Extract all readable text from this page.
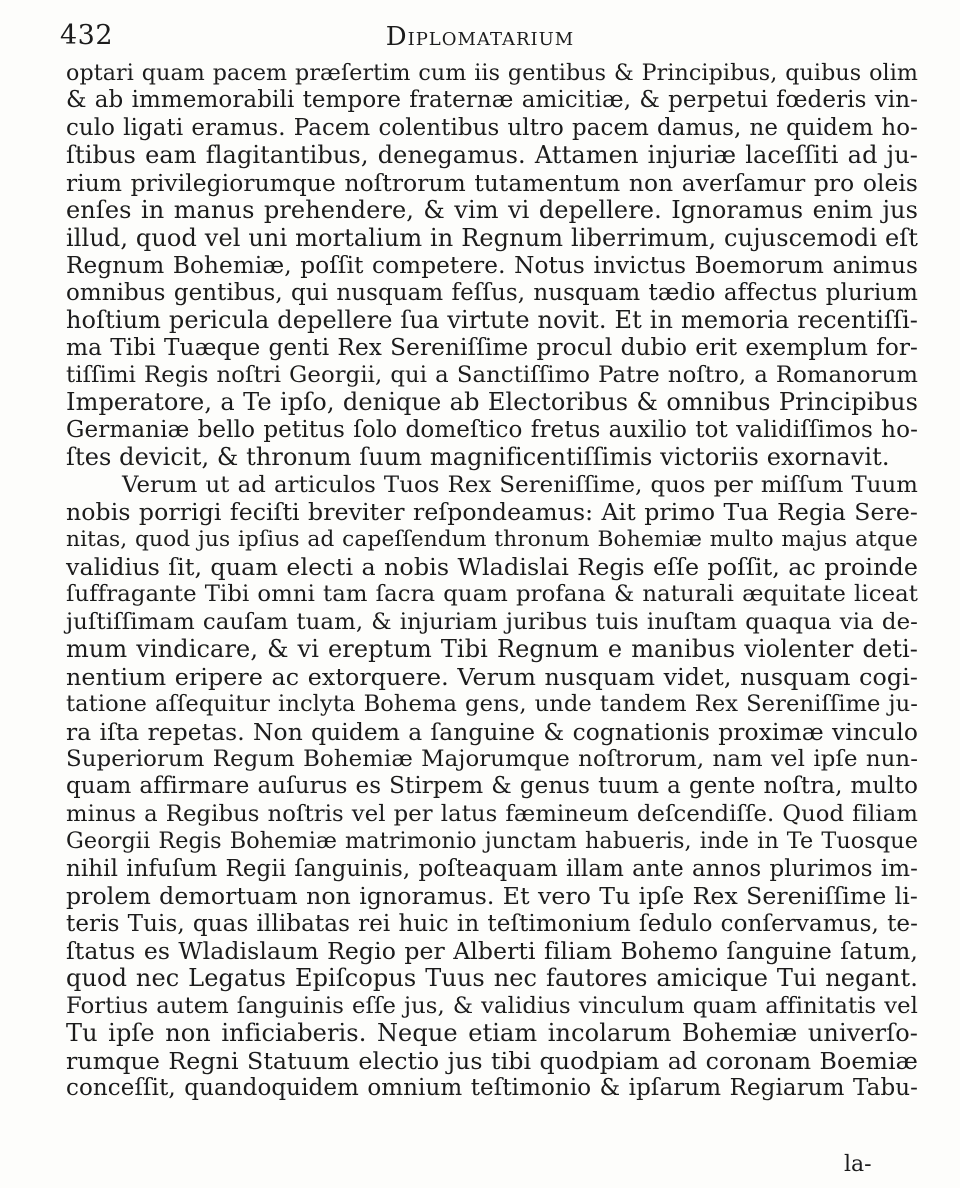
432	Diplomatarium
optari quam pacem præſertim cum iis gentibus & Principibus, quibus olim
& ab immemorabili tempore fraternæ amicitiæ, & perpetui fœderis vin-
culo ligati eramus. Pacem colentibus ultro pacem damus, ne quidem ho-
ſtibus eam flagitantibus, denegamus. Attamen injuriæ laceſſiti ad ju-
rium privilegiorumque noſtrorum tutamentum non averſamur pro oleis
enſes in manus prehendere, & vim vi depellere. Ignoramus enim jus
illud, quod vel uni mortalium in Regnum liberrimum, cujuscemodi eſt
Regnum Bohemiæ, poſſit competere. Notus invictus Boemorum animus
omnibus gentibus, qui nusquam feſſus, nusquam tædio affectus plurium
hoſtium pericula depellere ſua virtute novit. Et in memoria recentiſſi-
ma Tibi Tuæque genti Rex Sereniſſime procul dubio erit exemplum for-
tiſſimi Regis noſtri Georgii, qui a Sanctiſſimo Patre noſtro, a Romanorum
Imperatore, a Te ipſo, denique ab Electoribus & omnibus Principibus
Germaniæ bello petitus ſolo domeſtico fretus auxilio tot validiſſimos ho-
ſtes devicit, & thronum ſuum magnificentiſſimis victoriis exornavit.
Verum ut ad articulos Tuos Rex Sereniſſime, quos per miſſum Tuum
nobis porrigi feciſti breviter reſpondeamus: Ait primo Tua Regia Sere-
nitas, quod jus ipſius ad capeſſendum thronum Bohemiæ multo majus atque
validius ſit, quam electi a nobis Wladislai Regis eſſe poſſit, ac proinde
ſuffragante Tibi omni tam ſacra quam profana & naturali æquitate liceat
juſtiſſimam cauſam tuam, & injuriam juribus tuis inuſtam quaqua via de-
mum vindicare, & vi ereptum Tibi Regnum e manibus violenter deti-
nentium eripere ac extorquere. Verum nusquam videt, nusquam cogi-
tatione aſſequitur inclyta Bohema gens, unde tandem Rex Sereniſſime ju-
ra iſta repetas. Non quidem a ſanguine & cognationis proximæ vinculo
Superiorum Regum Bohemiæ Majorumque noſtrorum, nam vel ipſe nun-
quam affirmare auſurus es Stirpem & genus tuum a gente noſtra, multo
minus a Regibus noſtris vel per latus fæmineum deſcendiſſe. Quod filiam
Georgii Regis Bohemiæ matrimonio junctam habueris, inde in Te Tuosque
nihil infuſum Regii ſanguinis, poſteaquam illam ante annos plurimos im-
prolem demortuam non ignoramus. Et vero Tu ipſe Rex Sereniſſime li-
teris Tuis, quas illibatas rei huic in teſtimonium ſedulo conſervamus, te-
ſtatus es Wladislaum Regio per Alberti filiam Bohemo ſanguine ſatum,
quod nec Legatus Epiſcopus Tuus nec fautores amicique Tui negant.
Fortius autem ſanguinis eſſe jus, & validius vinculum quam affinitatis vel
Tu ipſe non inficiaberis. Neque etiam incolarum Bohemiæ univerſo-
rumque Regni Statuum electio jus tibi quodpiam ad coronam Boemiæ
conceſſit, quandoquidem omnium teſtimonio & ipſarum Regiarum Tabu-
la-
